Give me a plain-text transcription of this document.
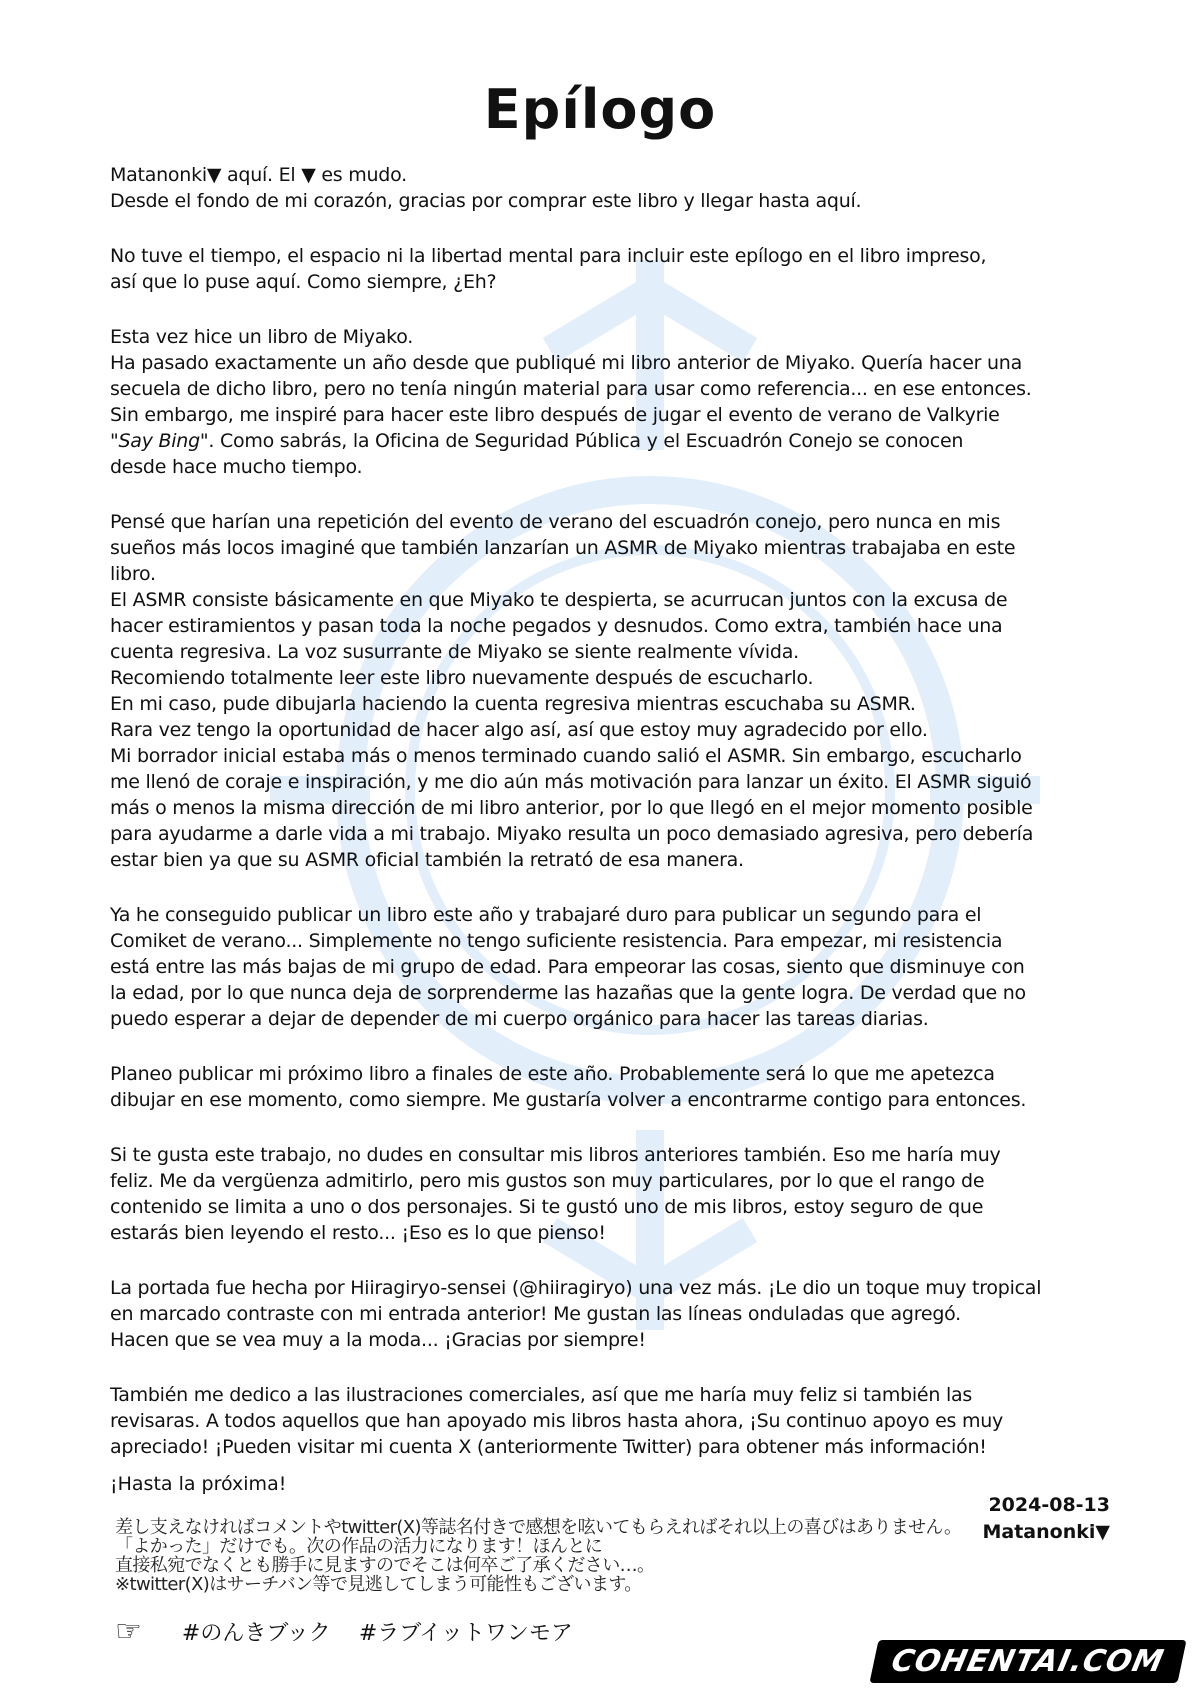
Epílogo
Matanonki▼ aquí. El ▼ es mudo.
Desde el fondo de mi corazón, gracias por comprar este libro y llegar hasta aquí.
No tuve el tiempo, el espacio ni la libertad mental para incluir este epílogo en el libro impreso,
así que lo puse aquí. Como siempre, ¿Eh?
Esta vez hice un libro de Miyako.
Ha pasado exactamente un año desde que publiqué mi libro anterior de Miyako. Quería hacer una
secuela de dicho libro, pero no tenía ningún material para usar como referencia... en ese entonces.
Sin embargo, me inspiré para hacer este libro después de jugar el evento de verano de Valkyrie
"Say Bing". Como sabrás, la Oficina de Seguridad Pública y el Escuadrón Conejo se conocen
desde hace mucho tiempo.
Pensé que harían una repetición del evento de verano del escuadrón conejo, pero nunca en mis
sueños más locos imaginé que también lanzarían un ASMR de Miyako mientras trabajaba en este
libro.
El ASMR consiste básicamente en que Miyako te despierta, se acurrucan juntos con la excusa de
hacer estiramientos y pasan toda la noche pegados y desnudos. Como extra, también hace una
cuenta regresiva. La voz susurrante de Miyako se siente realmente vívida.
Recomiendo totalmente leer este libro nuevamente después de escucharlo.
En mi caso, pude dibujarla haciendo la cuenta regresiva mientras escuchaba su ASMR.
Rara vez tengo la oportunidad de hacer algo así, así que estoy muy agradecido por ello.
Mi borrador inicial estaba más o menos terminado cuando salió el ASMR. Sin embargo, escucharlo
me llenó de coraje e inspiración, y me dio aún más motivación para lanzar un éxito. El ASMR siguió
más o menos la misma dirección de mi libro anterior, por lo que llegó en el mejor momento posible
para ayudarme a darle vida a mi trabajo. Miyako resulta un poco demasiado agresiva, pero debería
estar bien ya que su ASMR oficial también la retrató de esa manera.
Ya he conseguido publicar un libro este año y trabajaré duro para publicar un segundo para el
Comiket de verano... Simplemente no tengo suficiente resistencia. Para empezar, mi resistencia
está entre las más bajas de mi grupo de edad. Para empeorar las cosas, siento que disminuye con
la edad, por lo que nunca deja de sorprenderme las hazañas que la gente logra. De verdad que no
puedo esperar a dejar de depender de mi cuerpo orgánico para hacer las tareas diarias.
Planeo publicar mi próximo libro a finales de este año. Probablemente será lo que me apetezca
dibujar en ese momento, como siempre. Me gustaría volver a encontrarme contigo para entonces.
Si te gusta este trabajo, no dudes en consultar mis libros anteriores también. Eso me haría muy
feliz. Me da vergüenza admitirlo, pero mis gustos son muy particulares, por lo que el rango de
contenido se limita a uno o dos personajes. Si te gustó uno de mis libros, estoy seguro de que
estarás bien leyendo el resto... ¡Eso es lo que pienso!
La portada fue hecha por Hiiragiryo-sensei (@hiiragiryo) una vez más. ¡Le dio un toque muy tropical
en marcado contraste con mi entrada anterior! Me gustan las líneas onduladas que agregó.
Hacen que se vea muy a la moda... ¡Gracias por siempre!
También me dedico a las ilustraciones comerciales, así que me haría muy feliz si también las
revisaras. A todos aquellos que han apoyado mis libros hasta ahora, ¡Su continuo apoyo es muy
apreciado! ¡Pueden visitar mi cuenta X (anteriormente Twitter) para obtener más información!
¡Hasta la próxima!
2024-08-13
Matanonki▼
差し支えなければコメントやtwitter(X)等誌名付きで感想を呟いてもらえればそれ以上の喜びはありません。
「よかった」だけでも。次の作品の活力になります！ほんとに
直接私宛でなくとも勝手に見ますのでそこは何卒ご了承ください…。
※twitter(X)はサーチバン等で見逃してしまう可能性もございます。
☞ #のんきブック #ラブイットワンモア
COHENTAI.COM
